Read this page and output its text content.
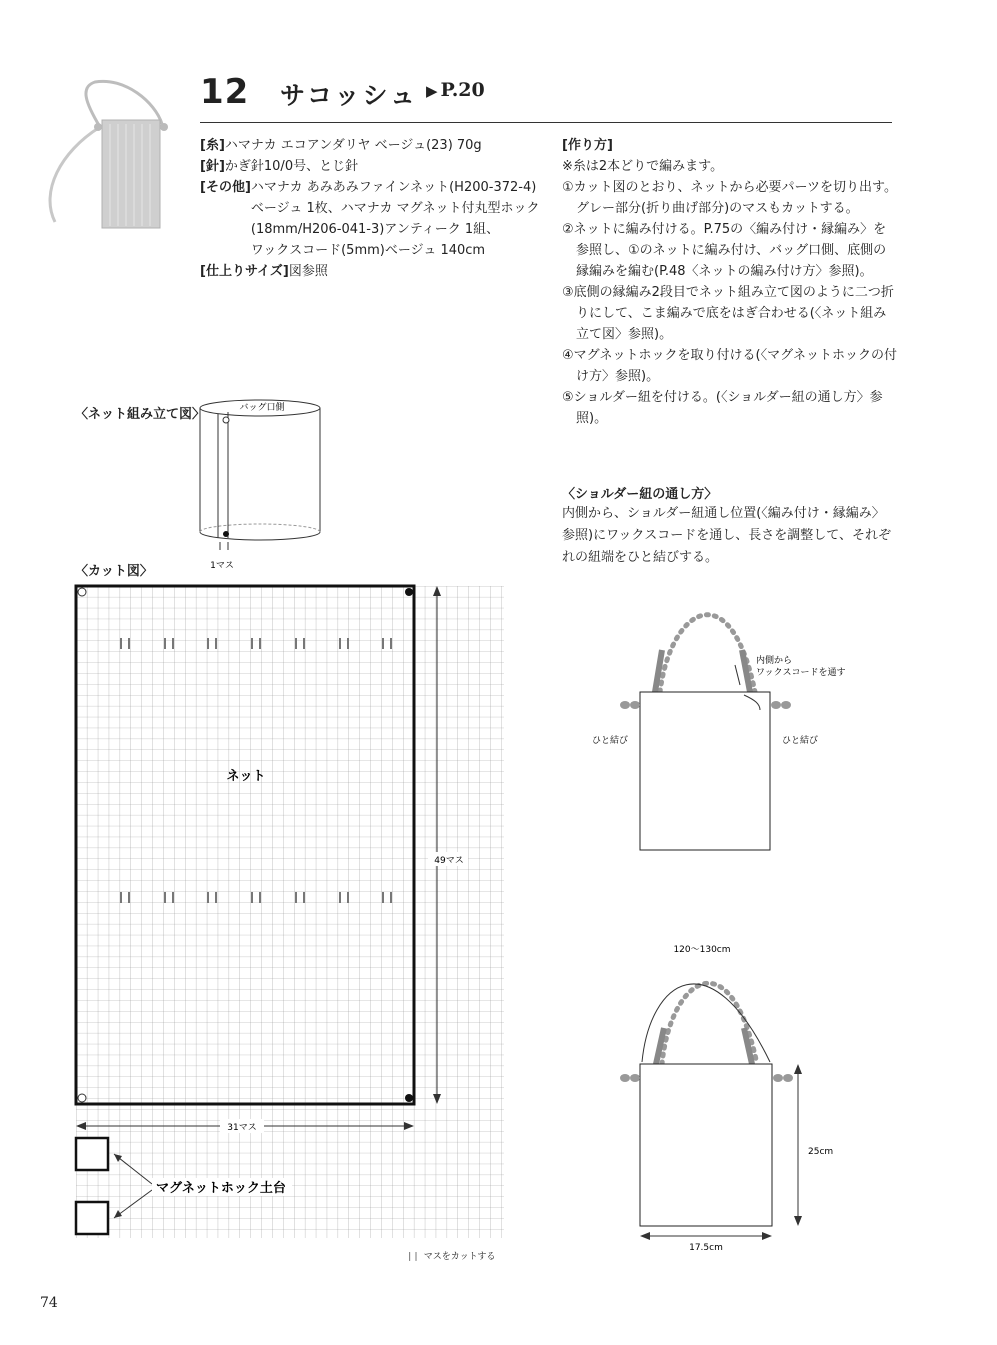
12 サコッシュ ▶ P.20
[糸] ハマナカ エコアンダリヤ ベージュ(23) 70g
[針] かぎ針10/0号、とじ針
[その他] ハマナカ あみあみファインネット(H200-372-4)
ベージュ 1枚、ハマナカ マグネット付丸型ホック
(18mm/H206-041-3)アンティーク 1組、
ワックスコード(5mm)ベージュ 140cm
[仕上りサイズ] 図参照
[作り方]
※糸は2本どりで編みます。
①カット図のとおり、ネットから必要パーツを切り出す。グレー部分(折り曲げ部分)のマスもカットする。
②ネットに編み付ける。P.75の〈編み付け・縁編み〉を参照し、①のネットに編み付け、バッグ口側、底側の縁編みを編む(P.48〈ネットの編み付け方〉参照)。
③底側の縁編み2段目でネット組み立て図のように二つ折りにして、こま編みで底をはぎ合わせる(〈ネット組み立て図〉参照)。
④マグネットホックを取り付ける(〈マグネットホックの付け方〉参照)。
⑤ショルダー紐を付ける。(〈ショルダー紐の通し方〉参照)。
〈ネット組み立て図〉
1マス
バッグ口側
〈カット図〉
ネット
49マス
31マス
マグネットホック土台
| | マスをカットする
〈ショルダー紐の通し方〉
内側から、ショルダー紐通し位置(〈編み付け・縁編み〉参照)にワックスコードを通し、長さを調整して、それぞれの紐端をひと結びする。
内側から
ワックスコードを通す
ひと結び	ひと結び
120～130cm
25cm
17.5cm
74
